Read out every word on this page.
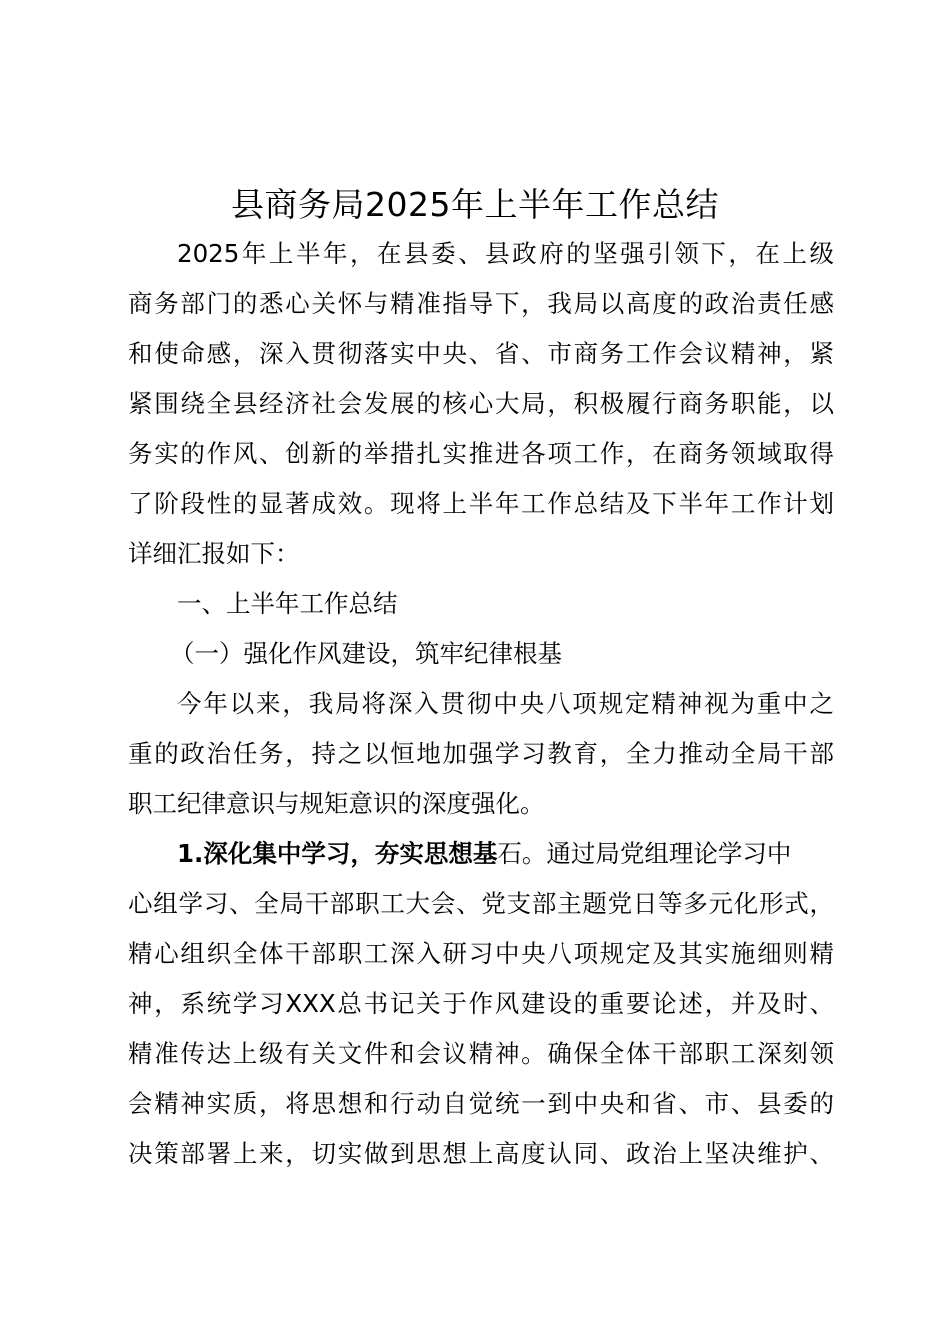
县商务局2025年上半年工作总结
2025年上半年，在县委、县政府的坚强引领下，在上级
商务部门的悉心关怀与精准指导下，我局以高度的政治责任感
和使命感，深入贯彻落实中央、省、市商务工作会议精神，紧
紧围绕全县经济社会发展的核心大局，积极履行商务职能，以
务实的作风、创新的举措扎实推进各项工作，在商务领域取得
了阶段性的显著成效。现将上半年工作总结及下半年工作计划
详细汇报如下：
一、上半年工作总结
（一）强化作风建设，筑牢纪律根基
今年以来，我局将深入贯彻中央八项规定精神视为重中之
重的政治任务，持之以恒地加强学习教育，全力推动全局干部
职工纪律意识与规矩意识的深度强化。
1.深化集中学习，夯实思想基石。通过局党组理论学习中
心组学习、全局干部职工大会、党支部主题党日等多元化形式，
精心组织全体干部职工深入研习中央八项规定及其实施细则精
神，系统学习XXX总书记关于作风建设的重要论述，并及时、
精准传达上级有关文件和会议精神。确保全体干部职工深刻领
会精神实质，将思想和行动自觉统一到中央和省、市、县委的
决策部署上来，切实做到思想上高度认同、政治上坚决维护、
